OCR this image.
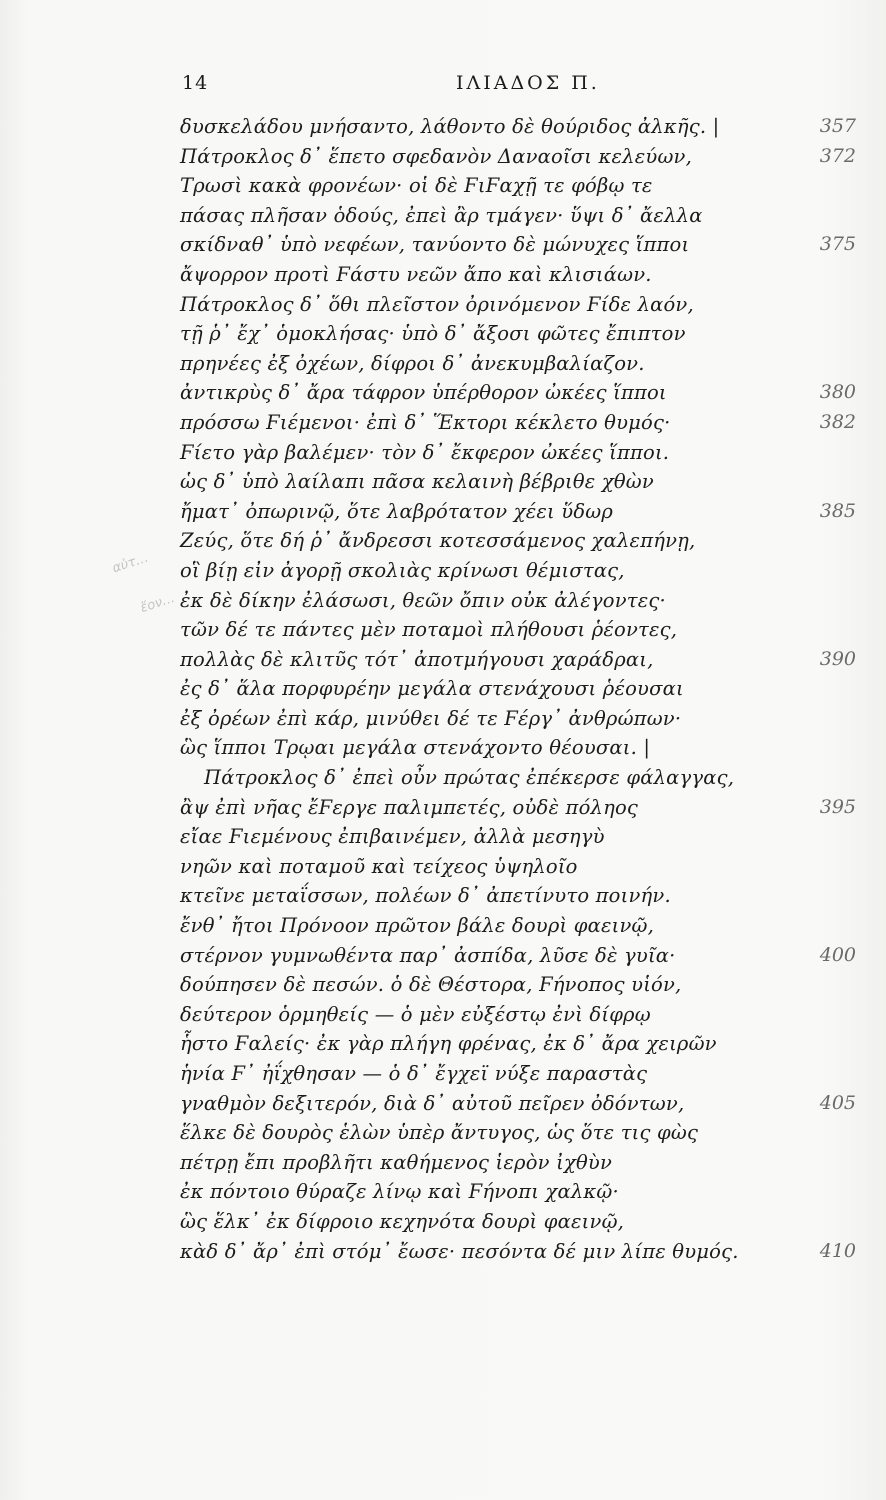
14	ΙΛΙΑΔΟΣ Π.
αὐτ…
ἔον…
δυσκελάδου μνήσαντο, λάθοντο δὲ θούριδος ἀλκῆς. |	357
Πάτροκλος δ᾽ ἕπετο σφεδανὸν Δαναοῖσι κελεύων,	372
Τρωσὶ κακὰ φρονέων· οἱ δὲ ϜιϜαχῇ τε φόβῳ τε
πάσας πλῆσαν ὁδούς, ἐπεὶ ἂρ τμάγεν· ὕψι δ᾽ ἄελλα
σκίδναθ᾽ ὑπὸ νεφέων, τανύοντο δὲ μώνυχες ἵπποι	375
ἄψορρον προτὶ Ϝάστυ νεῶν ἄπο καὶ κλισιάων.
Πάτροκλος δ᾽ ὅθι πλεῖστον ὀρινόμενον Ϝίδε λαόν,
τῇ ῥ᾽ ἔχ᾽ ὁμοκλήσας· ὑπὸ δ᾽ ἄξοσι φῶτες ἔπιπτον
πρηνέες ἐξ ὀχέων, δίφροι δ᾽ ἀνεκυμβαλίαζον.
ἀντικρὺς δ᾽ ἄρα τάφρον ὑπέρθορον ὠκέες ἵπποι	380
πρόσσω Ϝιέμενοι· ἐπὶ δ᾽ Ἕκτορι κέκλετο θυμός·	382
Ϝίετο γὰρ βαλέμεν· τὸν δ᾽ ἔκφερον ὠκέες ἵπποι.
ὡς δ᾽ ὑπὸ λαίλαπι πᾶσα κελαινὴ βέβριθε χθὼν
ἤματ᾽ ὀπωρινῷ, ὅτε λαβρότατον χέει ὕδωρ	385
Ζεύς, ὅτε δή ῥ᾽ ἄνδρεσσι κοτεσσάμενος χαλεπήνῃ,
οἳ βίῃ εἰν ἀγορῇ σκολιὰς κρίνωσι θέμιστας,
ἐκ δὲ δίκην ἐλάσωσι, θεῶν ὄπιν οὐκ ἀλέγοντες·
τῶν δέ τε πάντες μὲν ποταμοὶ πλήθουσι ῥέοντες,
πολλὰς δὲ κλιτῦς τότ᾽ ἀποτμήγουσι χαράδραι,	390
ἐς δ᾽ ἅλα πορφυρέην μεγάλα στενάχουσι ῥέουσαι
ἐξ ὀρέων ἐπὶ κάρ, μινύθει δέ τε Ϝέργ᾽ ἀνθρώπων·
ὣς ἵπποι Τρῳαι μεγάλα στενάχοντο θέουσαι. |
Πάτροκλος δ᾽ ἐπεὶ οὖν πρώτας ἐπέκερσε φάλαγγας,
ἂψ ἐπὶ νῆας ἔϜεργε παλιμπετές, οὐδὲ πόληος	395
εἴαε Ϝιεμένους ἐπιβαινέμεν, ἀλλὰ μεσηγὺ
νηῶν καὶ ποταμοῦ καὶ τείχεος ὑψηλοῖο
κτεῖνε μεταΐσσων, πολέων δ᾽ ἀπετίνυτο ποινήν.
ἔνθ᾽ ἤτοι Πρόνοον πρῶτον βάλε δουρὶ φαεινῷ,
στέρνον γυμνωθέντα παρ᾽ ἀσπίδα, λῦσε δὲ γυῖα·	400
δούπησεν δὲ πεσών. ὁ δὲ Θέστορα, Ϝήνοπος υἱόν,
δεύτερον ὁρμηθείς — ὁ μὲν εὐξέστῳ ἐνὶ δίφρῳ
ἧστο Ϝαλείς· ἐκ γὰρ πλήγη φρένας, ἐκ δ᾽ ἄρα χειρῶν
ἡνία Ϝ᾽ ἠΐχθησαν — ὁ δ᾽ ἔγχεϊ νύξε παραστὰς
γναθμὸν δεξιτερόν, διὰ δ᾽ αὐτοῦ πεῖρεν ὀδόντων,	405
ἕλκε δὲ δουρὸς ἑλὼν ὑπὲρ ἄντυγος, ὡς ὅτε τις φὼς
πέτρῃ ἔπι προβλῆτι καθήμενος ἱερὸν ἰχθὺν
ἐκ πόντοιο θύραζε λίνῳ καὶ Ϝήνοπι χαλκῷ·
ὣς ἕλκ᾽ ἐκ δίφροιο κεχηνότα δουρὶ φαεινῷ,
κὰδ δ᾽ ἄρ᾽ ἐπὶ στόμ᾽ ἔωσε· πεσόντα δέ μιν λίπε θυμός.	410
